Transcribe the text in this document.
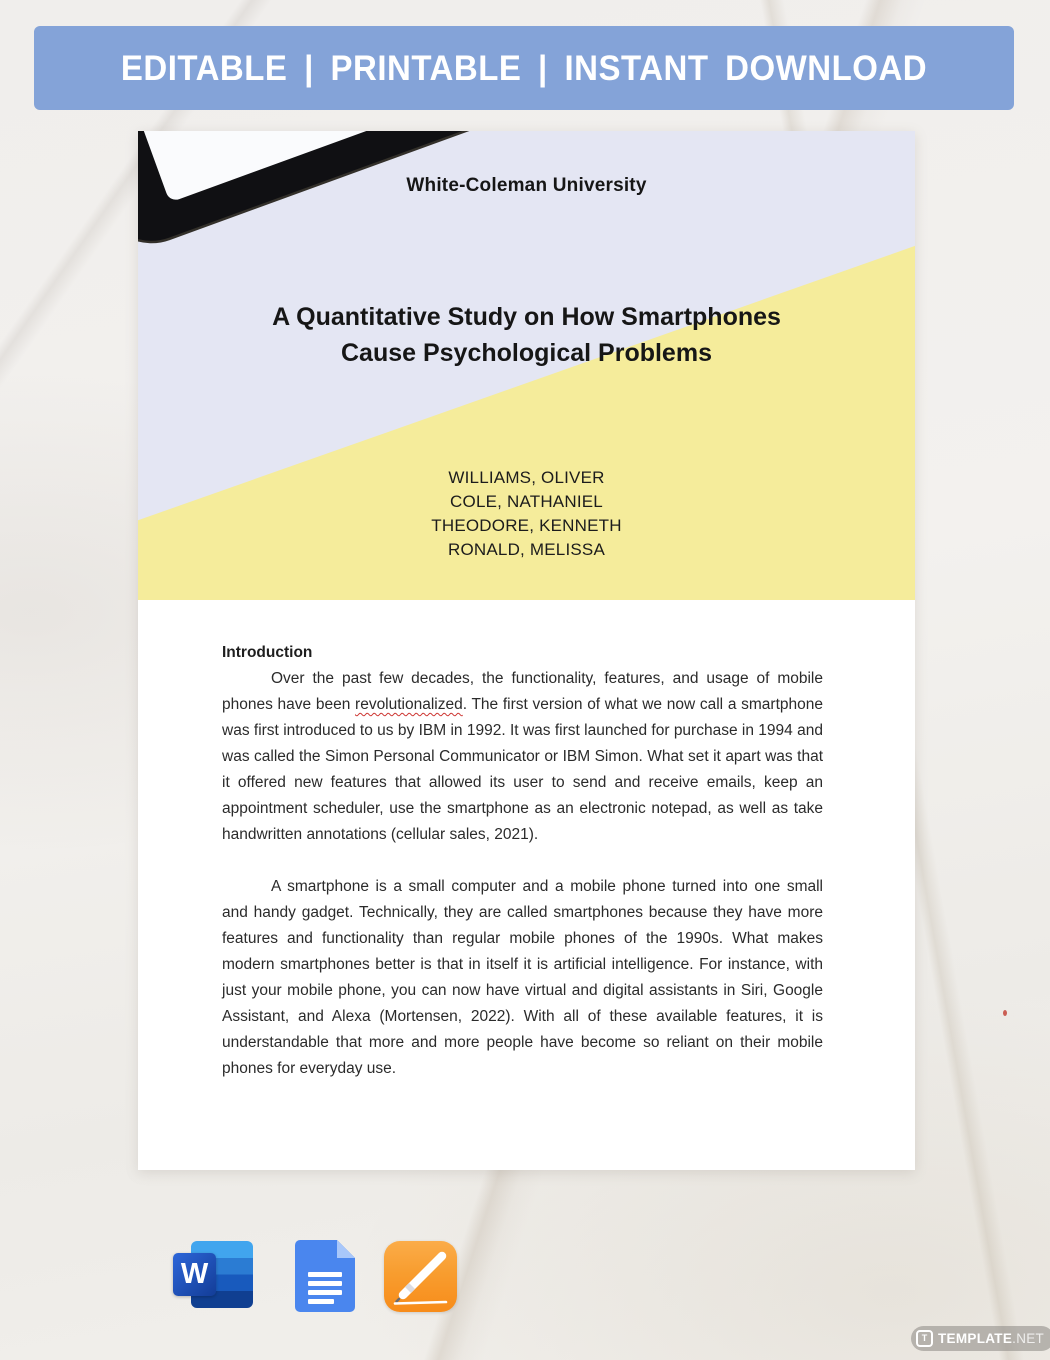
EDITABLE | PRINTABLE | INSTANT DOWNLOAD
White-Coleman University
A Quantitative Study on How Smartphones
Cause Psychological Problems
WILLIAMS, OLIVER
COLE, NATHANIEL
THEODORE, KENNETH
RONALD, MELISSA
Introduction

Over the past few decades, the functionality, features, and usage of mobile phones have been revolutionalized. The first version of what we now call a smartphone was first introduced to us by IBM in 1992. It was first launched for purchase in 1994 and was called the Simon Personal Communicator or IBM Simon. What set it apart was that it offered new features that allowed its user to send and receive emails, keep an appointment scheduler, use the smartphone as an electronic notepad, as well as take handwritten annotations (cellular sales, 2021).

A smartphone is a small computer and a mobile phone turned into one small and handy gadget. Technically, they are called smartphones because they have more features and functionality than regular mobile phones of the 1990s. What makes modern smartphones better is that in itself it is artificial intelligence. For instance, with just your mobile phone, you can now have virtual and digital assistants in Siri, Google Assistant, and Alexa (Mortensen, 2022). With all of these available features, it is understandable that more and more people have become so reliant on their mobile phones for everyday use.

W
T TEMPLATE .NET
